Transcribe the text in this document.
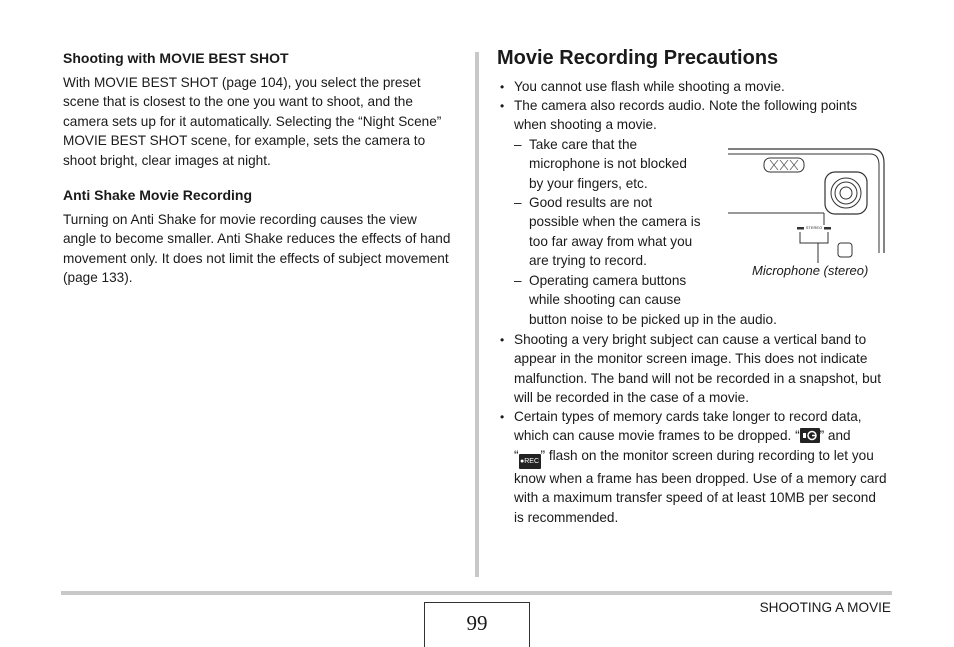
Shooting with MOVIE BEST SHOT
With MOVIE BEST SHOT (page 104), you select the preset
scene that is closest to the one you want to shoot, and the
camera sets up for it automatically. Selecting the “Night Scene”
MOVIE BEST SHOT scene, for example, sets the camera to
shoot bright, clear images at night.
Anti Shake Movie Recording
Turning on Anti Shake for movie recording causes the view
angle to become smaller. Anti Shake reduces the effects of hand
movement only. It does not limit the effects of subject movement
(page 133).
Movie Recording Precautions
• You cannot use flash while shooting a movie.
• The camera also records audio. Note the following points
when shooting a movie.
– Take care that the
microphone is not blocked
by your fingers, etc.
– Good results are not
possible when the camera is
too far away from what you
are trying to record.
– Operating camera buttons
while shooting can cause
button noise to be picked up in the audio.
STEREO
Microphone (stereo)
• Shooting a very bright subject can cause a vertical band to
appear in the monitor screen image. This does not indicate
malfunction. The band will not be recorded in a snapshot, but
will be recorded in the case of a movie.
• Certain types of memory cards take longer to record data,
which can cause movie frames to be dropped. “ ” and
“●REC ” flash on the monitor screen during recording to let you
know when a frame has been dropped. Use of a memory card
with a maximum transfer speed of at least 10MB per second
is recommended.
99
SHOOTING A MOVIE
